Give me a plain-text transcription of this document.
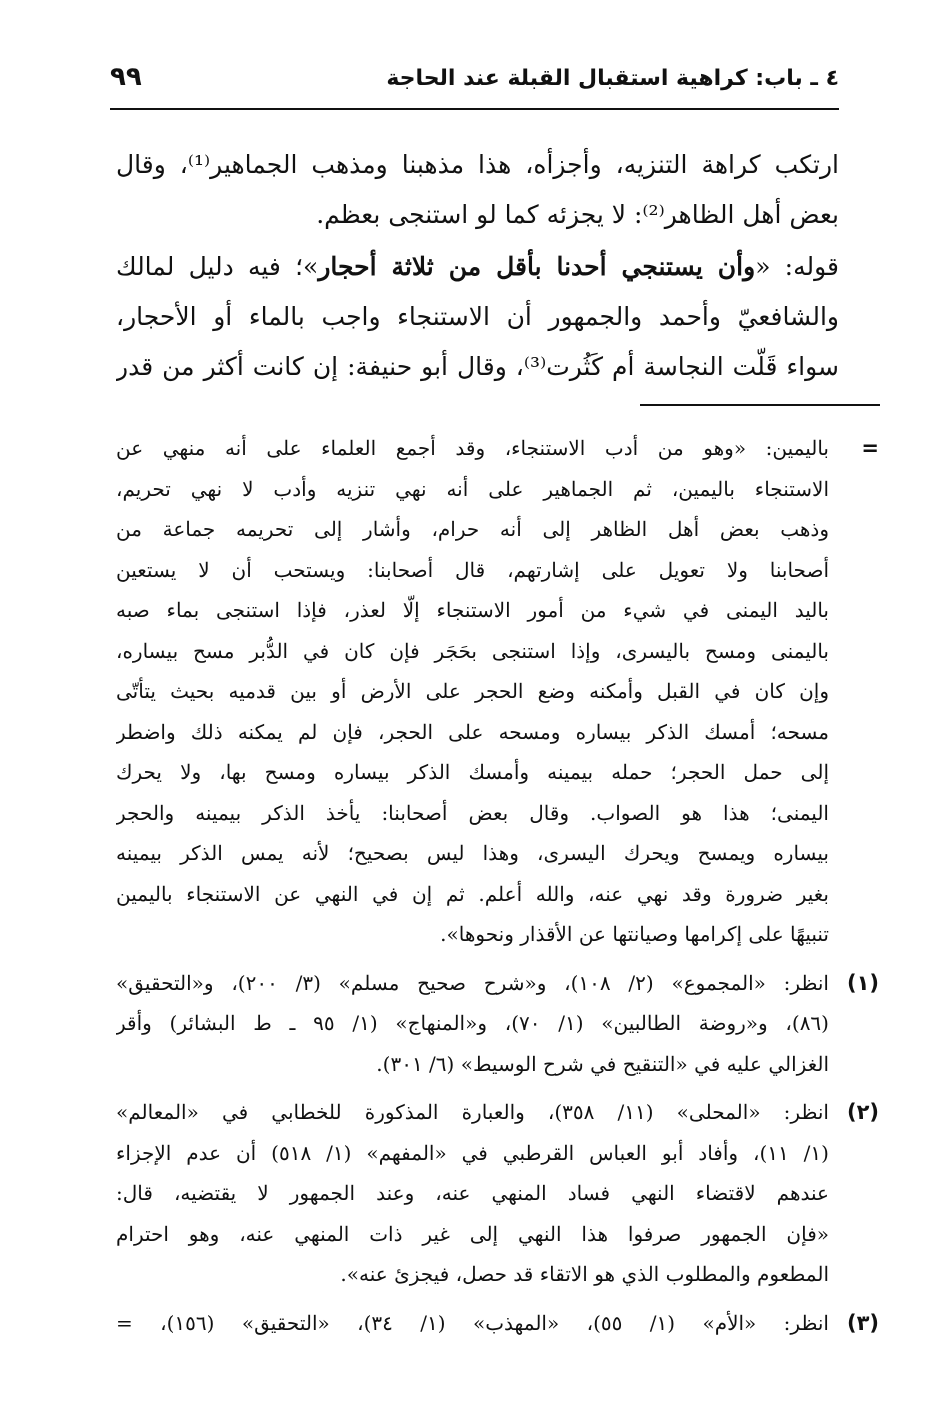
٤ ـ باب: كراهية استقبال القبلة عند الحاجة
٩٩

ارتكب كراهة التنزيه، وأجزأه، هذا مذهبنا ومذهب الجماهير⁽¹⁾، وقال
بعض أهل الظاهر⁽²⁾: لا يجزئه كما لو استنجى بعظم.

قوله: «وأن يستنجي أحدنا بأقل من ثلاثة أحجار»؛ فيه دليل لمالك
والشافعيّ وأحمد والجمهور أن الاستنجاء واجب بالماء أو الأحجار،
سواء قَلّت النجاسة أم كَثُرت⁽³⁾، وقال أبو حنيفة: إن كانت أكثر من قدر

=
باليمين: «وهو من أدب الاستنجاء، وقد أجمع العلماء على أنه منهي عن
الاستنجاء باليمين، ثم الجماهير على أنه نهي تنزيه وأدب لا نهي تحريم،
وذهب بعض أهل الظاهر إلى أنه حرام، وأشار إلى تحريمه جماعة من
أصحابنا ولا تعويل على إشارتهم، قال أصحابنا: ويستحب أن لا يستعين
باليد اليمنى في شيء من أمور الاستنجاء إلّا لعذر، فإذا استنجى بماء صبه
باليمنى ومسح باليسرى، وإذا استنجى بحَجَر فإن كان في الدُّبر مسح بيساره،
وإن كان في القبل وأمكنه وضع الحجر على الأرض أو بين قدميه بحيث يتأتّى
مسحه؛ أمسك الذكر بيساره ومسحه على الحجر، فإن لم يمكنه ذلك واضطر
إلى حمل الحجر؛ حمله بيمينه وأمسك الذكر بيساره ومسح بها، ولا يحرك
اليمنى؛ هذا هو الصواب. وقال بعض أصحابنا: يأخذ الذكر بيمينه والحجر
بيساره ويمسح ويحرك اليسرى، وهذا ليس بصحيح؛ لأنه يمس الذكر بيمينه
بغير ضرورة وقد نهي عنه، والله أعلم. ثم إن في النهي عن الاستنجاء باليمين
تنبيهًا على إكرامها وصيانتها عن الأقذار ونحوها».
(١)
انظر: «المجموع» (٢/ ١٠٨)، و«شرح صحيح مسلم» (٣/ ٢٠٠)، و«التحقيق»
(٨٦)، و«روضة الطالبين» (١/ ٧٠)، و«المنهاج» (١/ ٩٥ ـ ط البشائر) وأقر
الغزالي عليه في «التنقيح في شرح الوسيط» (٦/ ٣٠١).
(٢)
انظر: «المحلى» (١١/ ٣٥٨)، والعبارة المذكورة للخطابي في «المعالم»
(١/ ١١)، وأفاد أبو العباس القرطبي في «المفهم» (١/ ٥١٨) أن عدم الإجزاء
عندهم لاقتضاء النهي فساد المنهي عنه، وعند الجمهور لا يقتضيه، قال:
«فإن الجمهور صرفوا هذا النهي إلى غير ذات المنهي عنه، وهو احترام
المطعوم والمطلوب الذي هو الاتقاء قد حصل، فيجزئ عنه».
(٣)
انظر: «الأم» (١/ ٥٥)، «المهذب» (١/ ٣٤)، «التحقيق» (١٥٦)، =
